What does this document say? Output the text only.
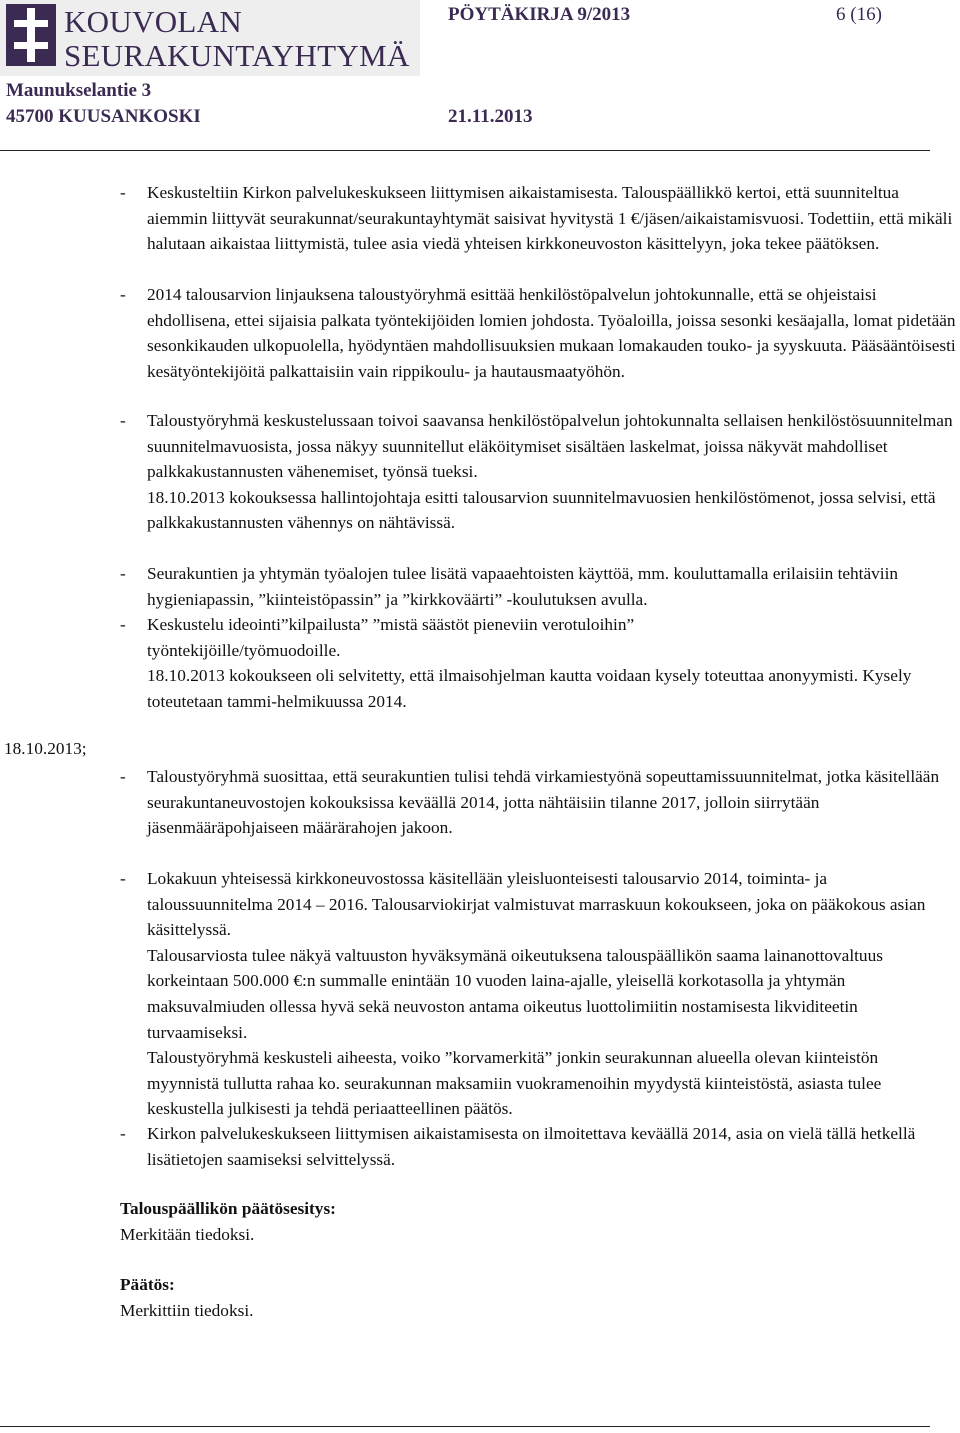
KOUVOLAN
SEURAKUNTAYHTYMÄ
Maunukselantie 3
45700 KUUSANKOSKI
PÖYTÄKIRJA 9/2013	6 (16)
21.11.2013
- Keskusteltiin Kirkon palvelukeskukseen liittymisen aikaistamisesta. Talouspäällikkö kertoi, että suunniteltua aiemmin liittyvät seurakunnat/seurakuntayhtymät saisivat hyvitystä 1 €/jäsen/aikaistamisvuosi. Todettiin, että mikäli halutaan aikaistaa liittymistä, tulee asia viedä yhteisen kirkkoneuvoston käsittelyyn, joka tekee päätöksen.

- 2014 talousarvion linjauksena taloustyöryhmä esittää henkilöstöpalvelun johtokunnalle, että se ohjeistaisi ehdollisena, ettei sijaisia palkata työntekijöiden lomien johdosta. Työaloilla, joissa sesonki kesäajalla, lomat pidetään sesonkikauden ulkopuolella, hyödyntäen mahdollisuuksien mukaan lomakauden touko- ja syyskuuta. Pääsääntöisesti kesätyöntekijöitä palkattaisiin vain rippikoulu- ja hautausmaatyöhön.

- Taloustyöryhmä keskustelussaan toivoi saavansa henkilöstöpalvelun johtokunnalta sellaisen henkilöstösuunnitelman suunnitelmavuosista, jossa näkyy suunnitellut eläköitymiset sisältäen laskelmat, joissa näkyvät mahdolliset palkkakustannusten vähenemiset, työnsä tueksi.

18.10.2013 kokouksessa hallintojohtaja esitti talousarvion suunnitelmavuosien henkilöstömenot, jossa selvisi, että palkkakustannusten vähennys on nähtävissä.

- Seurakuntien ja yhtymän työalojen tulee lisätä vapaaehtoisten käyttöä, mm. kouluttamalla erilaisiin tehtäviin hygieniapassin, ”kiinteistöpassin” ja ”kirkkoväärti” -koulutuksen avulla.

- Keskustelu ideointi”kilpailusta” ”mistä säästöt pieneviin verotuloihin” työntekijöille/työmuodoille.

18.10.2013 kokoukseen oli selvitetty, että ilmaisohjelman kautta voidaan kysely toteuttaa anonyymisti. Kysely toteutetaan tammi-helmikuussa 2014.

18.10.2013;
- Taloustyöryhmä suosittaa, että seurakuntien tulisi tehdä virkamiestyönä sopeuttamissuunnitelmat, jotka käsitellään seurakuntaneuvostojen kokouksissa keväällä 2014, jotta nähtäisiin tilanne 2017, jolloin siirrytään jäsenmääräpohjaiseen määrärahojen jakoon.

- Lokakuun yhteisessä kirkkoneuvostossa käsitellään yleisluonteisesti talousarvio 2014, toiminta- ja taloussuunnitelma 2014 – 2016. Talousarviokirjat valmistuvat marraskuun kokoukseen, joka on pääkokous asian käsittelyssä.

Talousarviosta tulee näkyä valtuuston hyväksymänä oikeutuksena talouspäällikön saama lainanottovaltuus korkeintaan 500.000 €:n summalle enintään 10 vuoden laina-ajalle, yleisellä korkotasolla ja yhtymän maksuvalmiuden ollessa hyvä sekä neuvoston antama oikeutus luottolimiitin nostamisesta likviditeetin turvaamiseksi.

Taloustyöryhmä keskusteli aiheesta, voiko ”korvamerkitä” jonkin seurakunnan alueella olevan kiinteistön myynnistä tullutta rahaa ko. seurakunnan maksamiin vuokramenoihin myydystä kiinteistöstä, asiasta tulee keskustella julkisesti ja tehdä periaatteellinen päätös.

- Kirkon palvelukeskukseen liittymisen aikaistamisesta on ilmoitettava keväällä 2014, asia on vielä tällä hetkellä lisätietojen saamiseksi selvittelyssä.

Talouspäällikön päätösesitys:
Merkitään tiedoksi.
Päätös:
Merkittiin tiedoksi.
